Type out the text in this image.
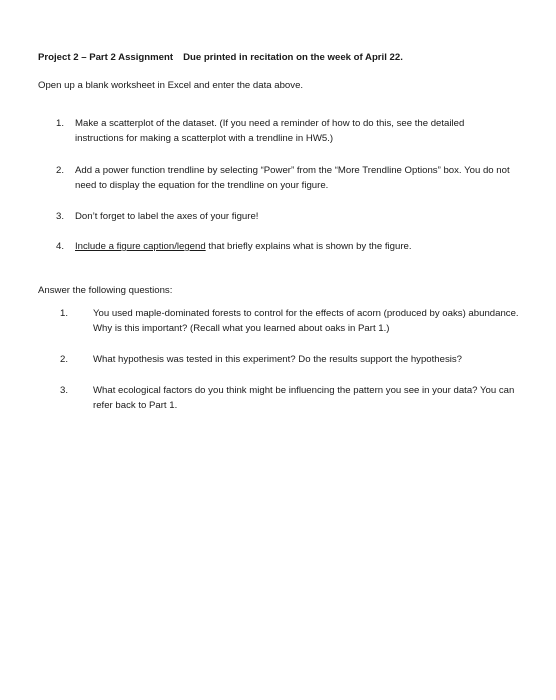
Project 2 – Part 2 Assignment Due printed in recitation on the week of April 22.
Open up a blank worksheet in Excel and enter the data above.
1. Make a scatterplot of the dataset. (If you need a reminder of how to do this, see the detailed instructions for making a scatterplot with a trendline in HW5.)
2. Add a power function trendline by selecting “Power” from the “More Trendline Options” box. You do not need to display the equation for the trendline on your figure.
3. Don’t forget to label the axes of your figure!
4. Include a figure caption/legend that briefly explains what is shown by the figure.
Answer the following questions:
1.	You used maple-dominated forests to control for the effects of acorn (produced by oaks) abundance. Why is this important? (Recall what you learned about oaks in Part 1.)
2.	What hypothesis was tested in this experiment? Do the results support the hypothesis?
3.	What ecological factors do you think might be influencing the pattern you see in your data? You can refer back to Part 1.
